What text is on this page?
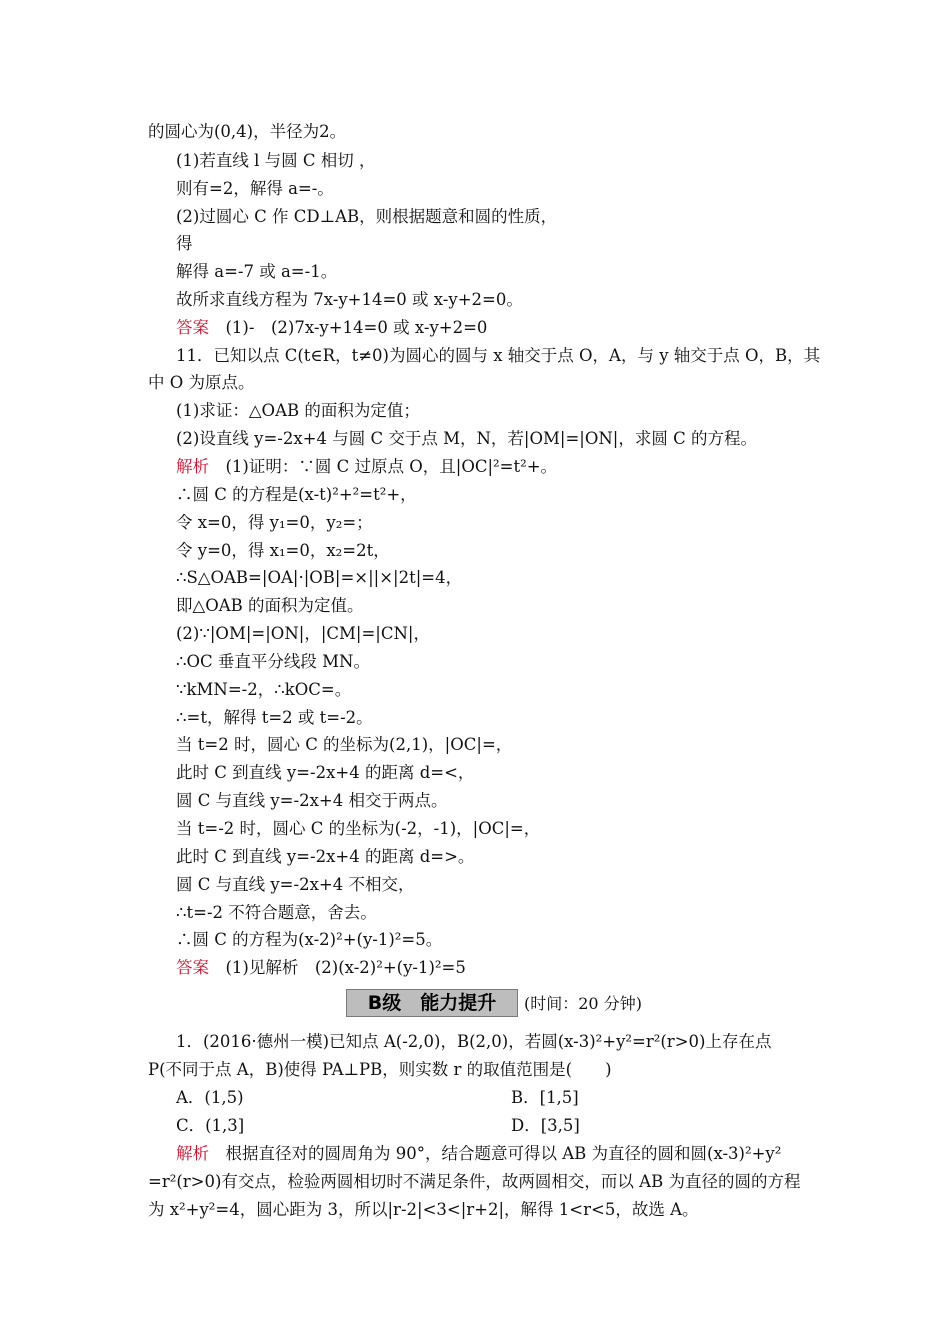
的圆心为(0,4)，半径为2。
(1)若直线 l 与圆 C 相切 ，
则有=2，解得 a=-。
(2)过圆心 C 作 CD⊥AB，则根据题意和圆的性质，
得
解得 a=-7 或 a=-1。
故所求直线方程为 7x-y+14=0 或 x-y+2=0。
答案　(1)-　(2)7x-y+14=0 或 x-y+2=0
11．已知以点 C(t∈R，t≠0)为圆心的圆与 x 轴交于点 O，A，与 y 轴交于点 O，B，其
中 O 为原点。
(1)求证：△OAB 的面积为定值；
(2)设直线 y=-2x+4 与圆 C 交于点 M，N，若|OM|=|ON|，求圆 C 的方程。
解析　(1)证明：∵圆 C 过原点 O，且|OC|²=t²+。
∴圆 C 的方程是(x-t)²+²=t²+，
令 x=0，得 y₁=0，y₂=；
令 y=0，得 x₁=0，x₂=2t，
∴S△OAB=|OA|·|OB|=×||×|2t|=4，
即△OAB 的面积为定值。
(2)∵|OM|=|ON|，|CM|=|CN|，
∴OC 垂直平分线段 MN。
∵kMN=-2，∴kOC=。
∴=t，解得 t=2 或 t=-2。
当 t=2 时，圆心 C 的坐标为(2,1)，|OC|=，
此时 C 到直线 y=-2x+4 的距离 d=<，
圆 C 与直线 y=-2x+4 相交于两点。
当 t=-2 时，圆心 C 的坐标为(-2，-1)，|OC|=，
此时 C 到直线 y=-2x+4 的距离 d=>。
圆 C 与直线 y=-2x+4 不相交，
∴t=-2 不符合题意，舍去。
∴圆 C 的方程为(x-2)²+(y-1)²=5。
答案　(1)见解析　(2)(x-2)²+(y-1)²=5
B级　能力提升	(时间：20 分钟)
1．(2016·德州一模)已知点 A(-2,0)，B(2,0)，若圆(x-3)²+y²=r²(r>0)上存在点
P(不同于点 A，B)使得 PA⊥PB，则实数 r 的取值范围是(　　)
A．(1,5)	B．[1,5]
C．(1,3]	D．[3,5]
解析　根据直径对的圆周角为 90°，结合题意可得以 AB 为直径的圆和圆(x-3)²+y²
=r²(r>0)有交点，检验两圆相切时不满足条件，故两圆相交，而以 AB 为直径的圆的方程
为 x²+y²=4，圆心距为 3，所以|r-2|<3<|r+2|，解得 1<r<5，故选 A。
